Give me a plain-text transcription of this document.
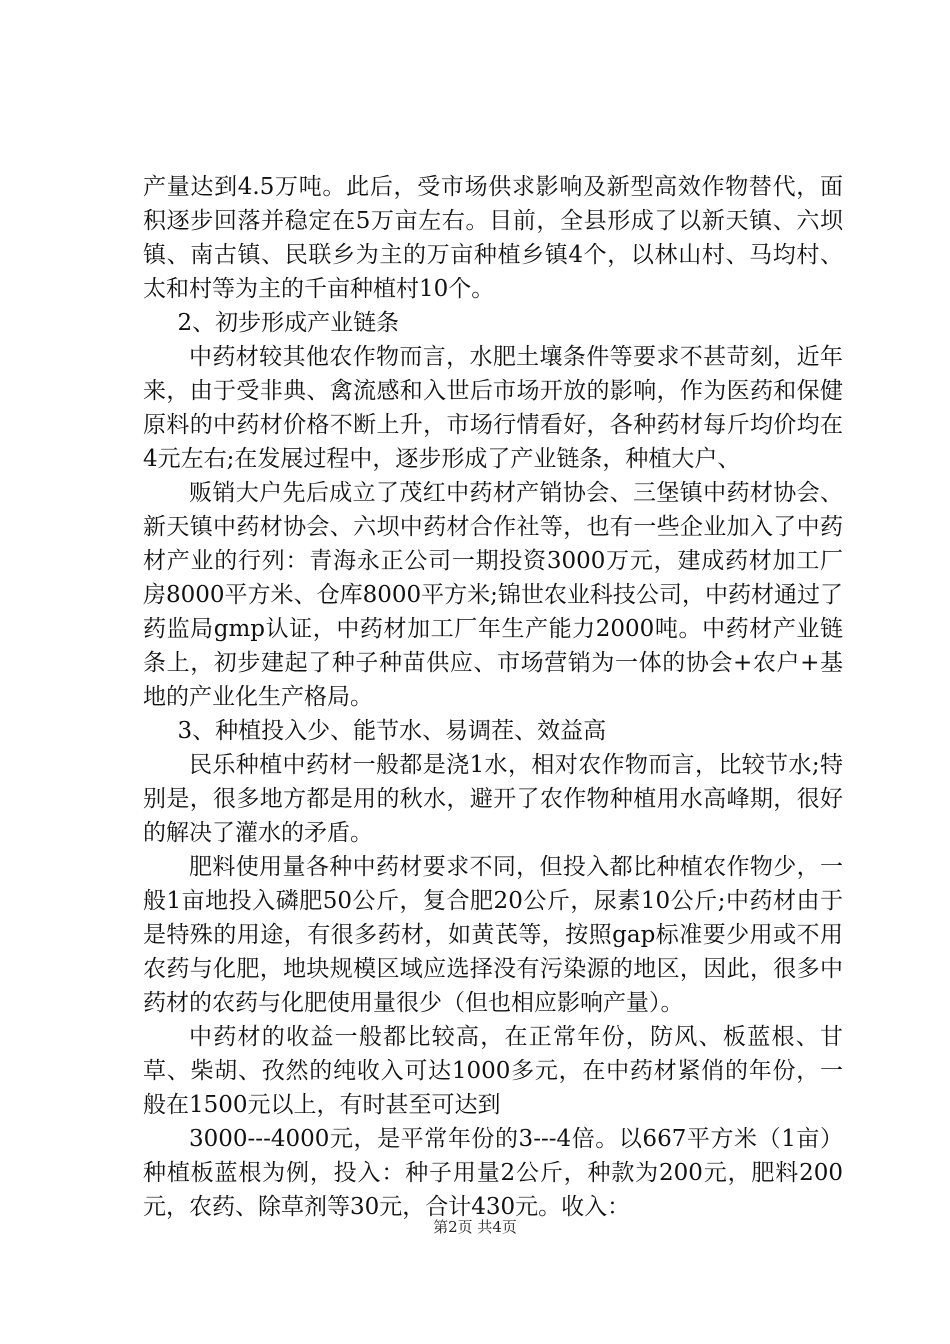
产量达到4.5万吨。此后，受市场供求影响及新型高效作物替代，面积逐步回落并稳定在5万亩左右。目前，全县形成了以新天镇、六坝镇、南古镇、民联乡为主的万亩种植乡镇4个，以林山村、马均村、太和村等为主的千亩种植村10个。

2、初步形成产业链条

中药材较其他农作物而言，水肥土壤条件等要求不甚苛刻，近年来，由于受非典、禽流感和入世后市场开放的影响，作为医药和保健原料的中药材价格不断上升，市场行情看好，各种药材每斤均价均在4元左右;在发展过程中，逐步形成了产业链条，种植大户、

贩销大户先后成立了茂红中药材产销协会、三堡镇中药材协会、新天镇中药材协会、六坝中药材合作社等，也有一些企业加入了中药材产业的行列：青海永正公司一期投资3000万元，建成药材加工厂房8000平方米、仓库8000平方米;锦世农业科技公司，中药材通过了药监局gmp认证，中药材加工厂年生产能力2000吨。中药材产业链条上，初步建起了种子种苗供应、市场营销为一体的协会+农户+基地的产业化生产格局。

3、种植投入少、能节水、易调茬、效益高

民乐种植中药材一般都是浇1水，相对农作物而言，比较节水;特别是，很多地方都是用的秋水，避开了农作物种植用水高峰期，很好的解决了灌水的矛盾。

肥料使用量各种中药材要求不同，但投入都比种植农作物少，一般1亩地投入磷肥50公斤，复合肥20公斤，尿素10公斤;中药材由于是特殊的用途，有很多药材，如黄芪等，按照gap标准要少用或不用农药与化肥，地块规模区域应选择没有污染源的地区，因此，很多中药材的农药与化肥使用量很少（但也相应影响产量）。

中药材的收益一般都比较高，在正常年份，防风、板蓝根、甘草、柴胡、孜然的纯收入可达1000多元，在中药材紧俏的年份，一般在1500元以上，有时甚至可达到

3000---4000元，是平常年份的3---4倍。以667平方米（1亩）种植板蓝根为例，投入：种子用量2公斤，种款为200元，肥料200元，农药、除草剂等30元，合计430元。收入：

第2页 共4页
